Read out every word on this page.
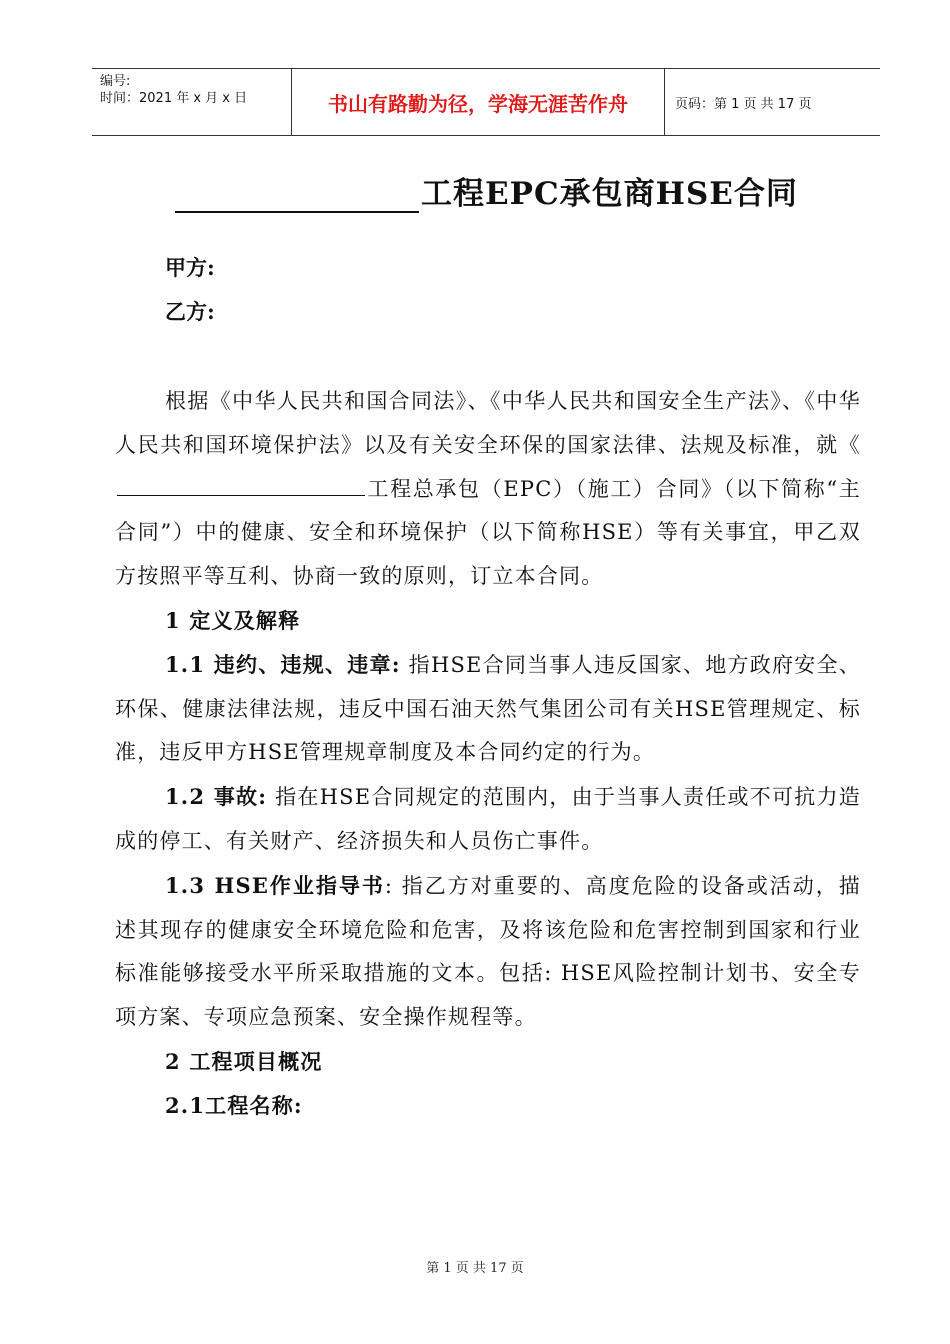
编号:
时间：2021 年 x 月 x 日	书山有路勤为径，学海无涯苦作舟	页码：第 1 页 共 17 页
工程EPC承包商HSE合同
甲方:
乙方:

根据《中华人民共和国合同法》、《中华人民共和国安全生产法》、《中华人民共和国环境保护法》以及有关安全环保的国家法律、法规及标准，就《工程总承包（EPC）（施工）合同》（以下简称“主合同”）中的健康、安全和环境保护（以下简称HSE）等有关事宜，甲乙双方按照平等互利、协商一致的原则，订立本合同。

1 定义及解释

1.1 违约、违规、违章: 指HSE合同当事人违反国家、地方政府安全、环保、健康法律法规，违反中国石油天然气集团公司有关HSE管理规定、标准，违反甲方HSE管理规章制度及本合同约定的行为。

1.2 事故: 指在HSE合同规定的范围内，由于当事人责任或不可抗力造成的停工、有关财产、经济损失和人员伤亡事件。

1.3 HSE作业指导书: 指乙方对重要的、高度危险的设备或活动，描述其现存的健康安全环境危险和危害，及将该危险和危害控制到国家和行业标准能够接受水平所采取措施的文本。包括: HSE风险控制计划书、安全专项方案、专项应急预案、安全操作规程等。

2 工程项目概况

2.1工程名称:

第 1 页 共 17 页
